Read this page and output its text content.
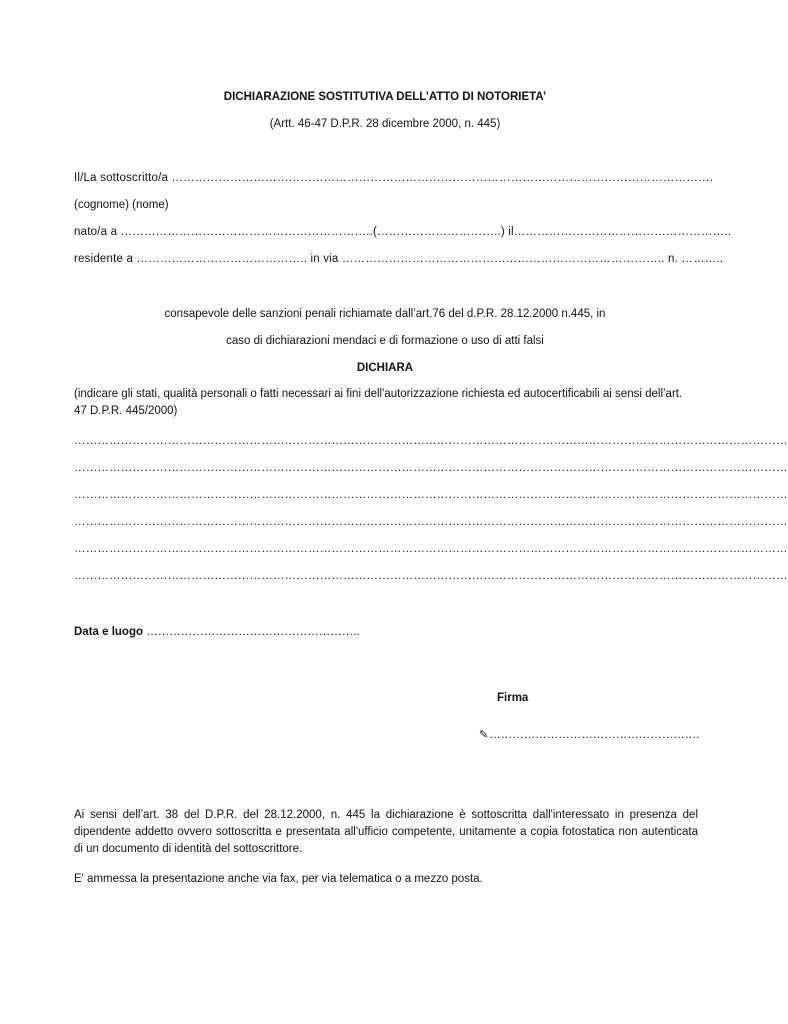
DICHIARAZIONE SOSTITUTIVA DELL’ATTO DI NOTORIETA’
(Artt. 46-47 D.P.R. 28 dicembre 2000, n. 445)
Il/La sottoscritto/a ………………………………………………………………………………………………………………………….
(cognome) (nome)
nato/a a ………………………………………………………..(…………………………..) il………………………………………………..
residente a …………………………………….. in via ……………………………………………………………………….. n. ………..
consapevole delle sanzioni penali richiamate dall’art.76 del d.P.R. 28.12.2000 n.445, in
caso di dichiarazioni mendaci e di formazione o uso di atti falsi
DICHIARA
(indicare gli stati, qualità personali o fatti necessari ai fini dell'autorizzazione richiesta ed autocertificabili ai sensi dell’art. 47 D.P.R. 445/2000)
…………………………………………………………………………………………………………………………………………………………………
…………………………………………………………………………………………………………………………………………………………………
…………………………………………………………………………………………………………………………………………………………………
…………………………………………………………………………………………………………………………………………………………………
…………………………………………………………………………………………………………………………………………………………………
…………………………………………………………………………………………………………………………………………………………………
Data e luogo ………………………………………………..
Firma
✎……………………………………………….
Ai sensi dell’art. 38 del D.P.R. del 28.12.2000, n. 445 la dichiarazione è sottoscritta dall'interessato in presenza del dipendente addetto ovvero sottoscritta e presentata all'ufficio competente, unitamente a copia fotostatica non autenticata di un documento di identità del sottoscrittore.
E' ammessa la presentazione anche via fax, per via telematica o a mezzo posta.
